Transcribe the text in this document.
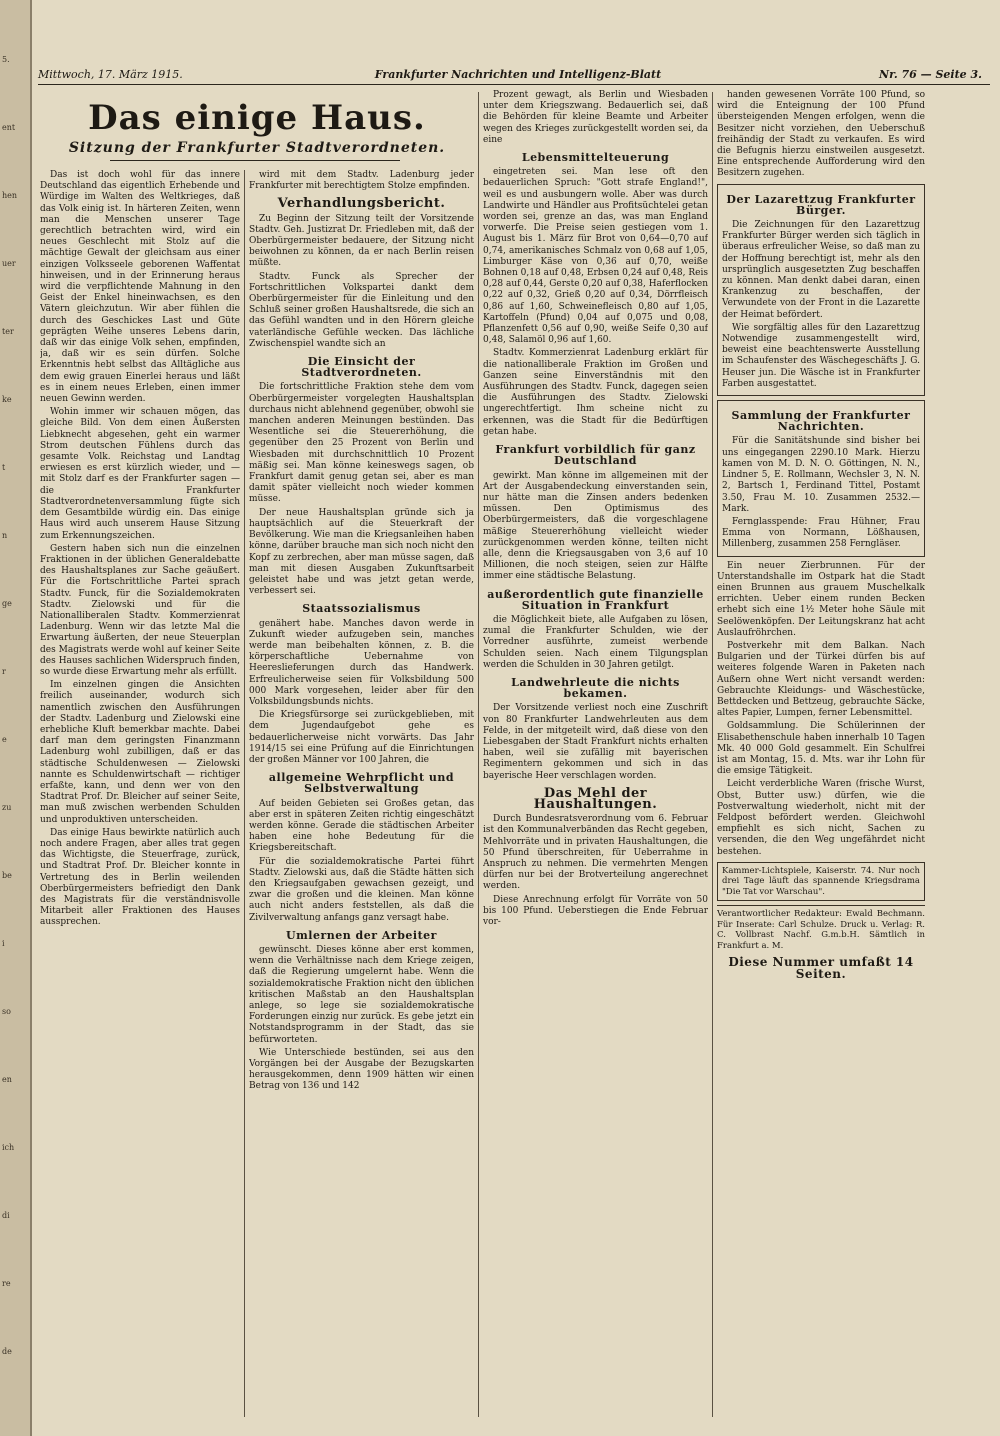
5.
ent
hen
uer
ter
ke
t
n
ge
r
e
zu
be
i
so
en
ich
di
re
de
Mittwoch, 17. März 1915.	Frankfurter Nachrichten und Intelligenz-Blatt	Nr. 76 — Seite 3.
Das einige Haus.
Sitzung der Frankfurter Stadtverordneten.

Das ist doch wohl für das innere Deutschland das eigentlich Erhebende und Würdige im Walten des Weltkrieges, daß das Volk einig ist. In härteren Zeiten, wenn man die Menschen unserer Tage gerechtlich betrachten wird, wird ein neues Geschlecht mit Stolz auf die mächtige Gewalt der gleichsam aus einer einzigen Volksseele geborenen Waffentat hinweisen, und in der Erinnerung heraus wird die verpflichtende Mahnung in den Geist der Enkel hineinwachsen, es den Vätern gleichzutun. Wir aber fühlen die durch des Geschickes Last und Güte geprägten Weihe unseres Lebens darin, daß wir das einige Volk sehen, empfinden, ja, daß wir es sein dürfen. Solche Erkenntnis hebt selbst das Alltägliche aus dem ewig grauen Einerlei heraus und läßt es in einem neues Erleben, einen immer neuen Gewinn werden.

Wohin immer wir schauen mögen, das gleiche Bild. Von dem einen Äußersten Liebknecht abgesehen, geht ein warmer Strom deutschen Fühlens durch das gesamte Volk. Reichstag und Landtag erwiesen es erst kürzlich wieder, und — mit Stolz darf es der Frankfurter sagen — die Frankfurter Stadtverordnetenversammlung fügte sich dem Gesamtbilde würdig ein. Das einige Haus wird auch unserem Hause Sitzung zum Erkennungszeichen.

Gestern haben sich nun die einzelnen Fraktionen in der üblichen Generaldebatte des Haushaltsplanes zur Sache geäußert. Für die Fortschrittliche Partei sprach Stadtv. Funck, für die Sozialdemokraten Stadtv. Zielowski und für die Nationalliberalen Stadtv. Kommerzienrat Ladenburg. Wenn wir das letzte Mal die Erwartung äußerten, der neue Steuerplan des Magistrats werde wohl auf keiner Seite des Hauses sachlichen Widerspruch finden, so wurde diese Erwartung mehr als erfüllt.

Im einzelnen gingen die Ansichten freilich auseinander, wodurch sich namentlich zwischen den Ausführungen der Stadtv. Ladenburg und Zielowski eine erhebliche Kluft bemerkbar machte. Dabei darf man dem geringsten Finanzmann Ladenburg wohl zubilligen, daß er das städtische Schuldenwesen — Zielowski nannte es Schuldenwirtschaft — richtiger erfaßte, kann, und denn wer von den Stadtrat Prof. Dr. Bleicher auf seiner Seite, man muß zwischen werbenden Schulden und unproduktiven unterscheiden.

Das einige Haus bewirkte natürlich auch noch andere Fragen, aber alles trat gegen das Wichtigste, die Steuerfrage, zurück, und Stadtrat Prof. Dr. Bleicher konnte in Vertretung des in Berlin weilenden Oberbürgermeisters befriedigt den Dank des Magistrats für die verständnisvolle Mitarbeit aller Fraktionen des Hauses aussprechen.

wird mit dem Stadtv. Ladenburg jeder Frankfurter mit berechtigtem Stolze empfinden.

Verhandlungsbericht.

Zu Beginn der Sitzung teilt der Vorsitzende Stadtv. Geh. Justizrat Dr. Friedleben mit, daß der Oberbürgermeister bedauere, der Sitzung nicht beiwohnen zu können, da er nach Berlin reisen müßte.

Stadtv. Funck als Sprecher der Fortschrittlichen Volkspartei dankt dem Oberbürgermeister für die Einleitung und den Schluß seiner großen Haushaltsrede, die sich an das Gefühl wandten und in den Hörern gleiche vaterländische Gefühle wecken. Das lächliche Zwischenspiel wandte sich an

Die Einsicht der Stadtverordneten.

Die fortschrittliche Fraktion stehe dem vom Oberbürgermeister vorgelegten Haushaltsplan durchaus nicht ablehnend gegenüber, obwohl sie manchen anderen Meinungen bestünden. Das Wesentliche sei die Steuererhöhung, die gegenüber den 25 Prozent von Berlin und Wiesbaden mit durchschnittlich 10 Prozent mäßig sei. Man könne keineswegs sagen, ob Frankfurt damit genug getan sei, aber es man damit später vielleicht noch wieder kommen müsse.

Der neue Haushaltsplan gründe sich ja hauptsächlich auf die Steuerkraft der Bevölkerung. Wie man die Kriegsanleihen haben könne, darüber brauche man sich noch nicht den Kopf zu zerbrechen, aber man müsse sagen, daß man mit diesen Ausgaben Zukunftsarbeit geleistet habe und was jetzt getan werde, verbessert sei.

Staatssozialismus

genähert habe. Manches davon werde in Zukunft wieder aufzugeben sein, manches werde man beibehalten können, z. B. die körperschaftliche Uebernahme von Heereslieferungen durch das Handwerk. Erfreulicherweise seien für Volksbildung 500 000 Mark vorgesehen, leider aber für den Volksbildungsbunds nichts.

Die Kriegsfürsorge sei zurückgeblieben, mit dem Jugendaufgebot gehe es bedauerlicherweise nicht vorwärts. Das Jahr 1914/15 sei eine Prüfung auf die Einrichtungen der großen Männer vor 100 Jahren, die

allgemeine Wehrpflicht und Selbstverwaltung

Auf beiden Gebieten sei Großes getan, das aber erst in späteren Zeiten richtig eingeschätzt werden könne. Gerade die städtischen Arbeiter haben eine hohe Bedeutung für die Kriegsbereitschaft.

Für die sozialdemokratische Partei führt Stadtv. Zielowski aus, daß die Städte hätten sich den Kriegsaufgaben gewachsen gezeigt, und zwar die großen und die kleinen. Man könne auch nicht anders feststellen, als daß die Zivilverwaltung anfangs ganz versagt habe.

Umlernen der Arbeiter

gewünscht. Dieses könne aber erst kommen, wenn die Verhältnisse nach dem Kriege zeigen, daß die Regierung umgelernt habe. Wenn die sozialdemokratische Fraktion nicht den üblichen kritischen Maßstab an den Haushaltsplan anlege, so lege sie sozialdemokratische Forderungen einzig nur zurück. Es gebe jetzt ein Notstandsprogramm in der Stadt, das sie befürworteten.

Wie Unterschiede bestünden, sei aus den Vorgängen bei der Ausgabe der Bezugskarten herausgekommen, denn 1909 hätten wir einen Betrag von 136 und 142

Prozent gewagt, als Berlin und Wiesbaden unter dem Kriegszwang. Bedauerlich sei, daß die Behörden für kleine Beamte und Arbeiter wegen des Krieges zurückgestellt worden sei, da eine

Lebensmittelteuerung

eingetreten sei. Man lese oft den bedauerlichen Spruch: "Gott strafe England!", weil es und ausbungern wolle. Aber was durch Landwirte und Händler aus Profitsüchtelei getan worden sei, grenze an das, was man England vorwerfe. Die Preise seien gestiegen vom 1. August bis 1. März für Brot von 0,64—0,70 auf 0,74, amerikanisches Schmalz von 0,68 auf 1,05, Limburger Käse von 0,36 auf 0,70, weiße Bohnen 0,18 auf 0,48, Erbsen 0,24 auf 0,48, Reis 0,28 auf 0,44, Gerste 0,20 auf 0,38, Haferflocken 0,22 auf 0,32, Grieß 0,20 auf 0,34, Dörrfleisch 0,86 auf 1,60, Schweinefleisch 0,80 auf 1,05, Kartoffeln (Pfund) 0,04 auf 0,075 und 0,08, Pflanzenfett 0,56 auf 0,90, weiße Seife 0,30 auf 0,48, Salamöl 0,96 auf 1,60.

Stadtv. Kommerzienrat Ladenburg erklärt für die nationalliberale Fraktion im Großen und Ganzen seine Einverständnis mit den Ausführungen des Stadtv. Funck, dagegen seien die Ausführungen des Stadtv. Zielowski ungerechtfertigt. Ihm scheine nicht zu erkennen, was die Stadt für die Bedürftigen getan habe.

Frankfurt vorbildlich für ganz Deutschland

gewirkt. Man könne im allgemeinen mit der Art der Ausgabendeckung einverstanden sein, nur hätte man die Zinsen anders bedenken müssen. Den Optimismus des Oberbürgermeisters, daß die vorgeschlagene mäßige Steuererhöhung vielleicht wieder zurückgenommen werden könne, teilten nicht alle, denn die Kriegsausgaben von 3,6 auf 10 Millionen, die noch steigen, seien zur Hälfte immer eine städtische Belastung.

außerordentlich gute finanzielle Situation in Frankfurt

die Möglichkeit biete, alle Aufgaben zu lösen, zumal die Frankfurter Schulden, wie der Vorredner ausführte, zumeist werbende Schulden seien. Nach einem Tilgungsplan werden die Schulden in 30 Jahren getilgt.

Landwehrleute die nichts bekamen.

Der Vorsitzende verliest noch eine Zuschrift von 80 Frankfurter Landwehrleuten aus dem Felde, in der mitgeteilt wird, daß diese von den Liebesgaben der Stadt Frankfurt nichts erhalten haben, weil sie zufällig mit bayerischen Regimentern gekommen und sich in das bayerische Heer verschlagen worden.

Das Mehl der Haushaltungen.

Durch Bundesratsverordnung vom 6. Februar ist den Kommunalverbänden das Recht gegeben, Mehlvorräte und in privaten Haushaltungen, die 50 Pfund überschreiten, für Ueberrahme in Anspruch zu nehmen. Die vermehrten Mengen dürfen nur bei der Brotverteilung angerechnet werden.

Diese Anrechnung erfolgt für Vorräte von 50 bis 100 Pfund. Ueberstiegen die Ende Februar vor-

handen gewesenen Vorräte 100 Pfund, so wird die Enteignung der 100 Pfund übersteigenden Mengen erfolgen, wenn die Besitzer nicht vorziehen, den Ueberschuß freihändig der Stadt zu verkaufen. Es wird die Befugnis hierzu einstweilen ausgesetzt. Eine entsprechende Aufforderung wird den Besitzern zugehen.

Der Lazarettzug Frankfurter Bürger.

Die Zeichnungen für den Lazarettzug Frankfurter Bürger werden sich täglich in überaus erfreulicher Weise, so daß man zu der Hoffnung berechtigt ist, mehr als den ursprünglich ausgesetzten Zug beschaffen zu können. Man denkt dabei daran, einen Krankenzug zu beschaffen, der Verwundete von der Front in die Lazarette der Heimat befördert.

Wie sorgfältig alles für den Lazarettzug Notwendige zusammengestellt wird, beweist eine beachtenswerte Ausstellung im Schaufenster des Wäschegeschäfts J. G. Heuser jun. Die Wäsche ist in Frankfurter Farben ausgestattet.

Sammlung der Frankfurter Nachrichten.

Für die Sanitätshunde sind bisher bei uns eingegangen 2290.10 Mark. Hierzu kamen von M. D. N. O. Göttingen, N. N., Lindner 5, E. Rollmann, Wechsler 3, N. N. 2, Bartsch 1, Ferdinand Tittel, Postamt 3.50, Frau M. 10. Zusammen 2532.— Mark.

Fernglasspende: Frau Hühner, Frau Emma von Normann, Lößhausen, Millenberg, zusammen 258 Ferngläser.

Ein neuer Zierbrunnen. Für der Unterstandshalle im Ostpark hat die Stadt einen Brunnen aus grauem Muschelkalk errichten. Ueber einem runden Becken erhebt sich eine 1½ Meter hohe Säule mit Seelöwenköpfen. Der Leitungskranz hat acht Auslaufröhrchen.

Postverkehr mit dem Balkan. Nach Bulgarien und der Türkei dürfen bis auf weiteres folgende Waren in Paketen nach Außern ohne Wert nicht versandt werden: Gebrauchte Kleidungs- und Wäschestücke, Bettdecken und Bettzeug, gebrauchte Säcke, altes Papier, Lumpen, ferner Lebensmittel.

Goldsammlung. Die Schülerinnen der Elisabethenschule haben innerhalb 10 Tagen Mk. 40 000 Gold gesammelt. Ein Schulfrei ist am Montag, 15. d. Mts. war ihr Lohn für die emsige Tätigkeit.

Leicht verderbliche Waren (frische Wurst, Obst, Butter usw.) dürfen, wie die Postverwaltung wiederholt, nicht mit der Feldpost befördert werden. Gleichwohl empfiehlt es sich nicht, Sachen zu versenden, die den Weg ungefährdet nicht bestehen.

Kammer-Lichtspiele, Kaiserstr. 74. Nur noch drei Tage läuft das spannende Kriegsdrama "Die Tat vor Warschau".

Verantwortlicher Redakteur: Ewald Bechmann. Für Inserate: Carl Schulze. Druck u. Verlag: R. C. Vollbrast Nachf. G.m.b.H. Sämtlich in Frankfurt a. M.

Diese Nummer umfaßt 14 Seiten.
